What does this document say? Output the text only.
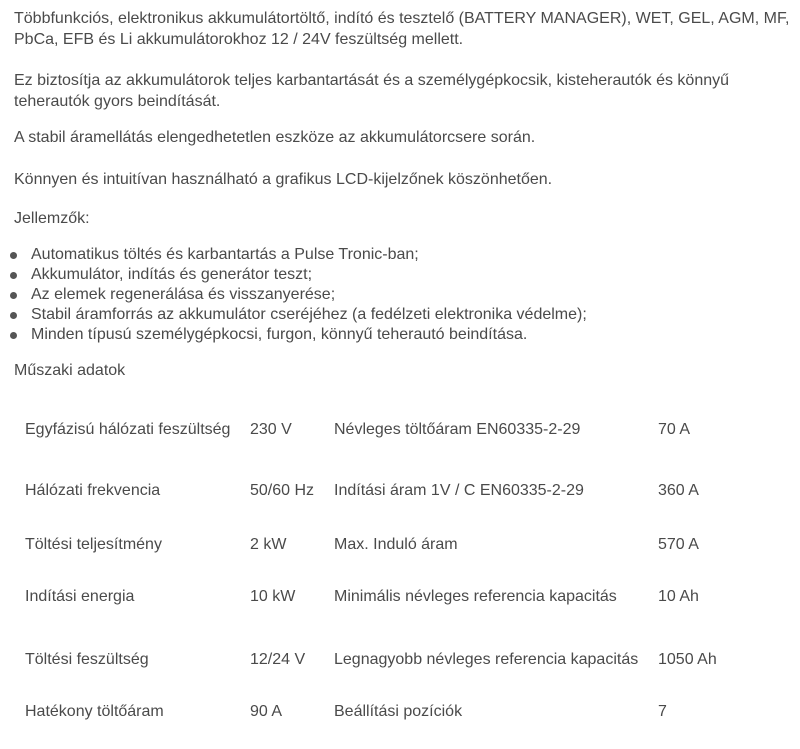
Többfunkciós, elektronikus akkumulátortöltő, indító és tesztelő (BATTERY MANAGER), WET, GEL, AGM, MF, PbCa, EFB és Li akkumulátorokhoz 12 / 24V feszültség mellett.

Ez biztosítja az akkumulátorok teljes karbantartását és a személygépkocsik, kisteherautók és könnyű teherautók gyors beindítását.

A stabil áramellátás elengedhetetlen eszköze az akkumulátorcsere során.

Könnyen és intuitívan használható a grafikus LCD-kijelzőnek köszönhetően.

Jellemzők:

Automatikus töltés és karbantartás a Pulse Tronic-ban;
Akkumulátor, indítás és generátor teszt;
Az elemek regenerálása és visszanyerése;
Stabil áramforrás az akkumulátor cseréjéhez (a fedélzeti elektronika védelme);
Minden típusú személygépkocsi, furgon, könnyű teherautó beindítása.
Műszaki adatok
Egyfázisú hálózati feszültség	230 V	Névleges töltőáram EN60335-2-29	70 A
Hálózati frekvencia	50/60 Hz	Indítási áram 1V / C EN60335-2-29	360 A
Töltési teljesítmény	2 kW	Max. Induló áram	570 A
Indítási energia	10 kW	Minimális névleges referencia kapacitás	10 Ah
Töltési feszültség	12/24 V	Legnagyobb névleges referencia kapacitás	1050 Ah
Hatékony töltőáram	90 A	Beállítási pozíciók	7
